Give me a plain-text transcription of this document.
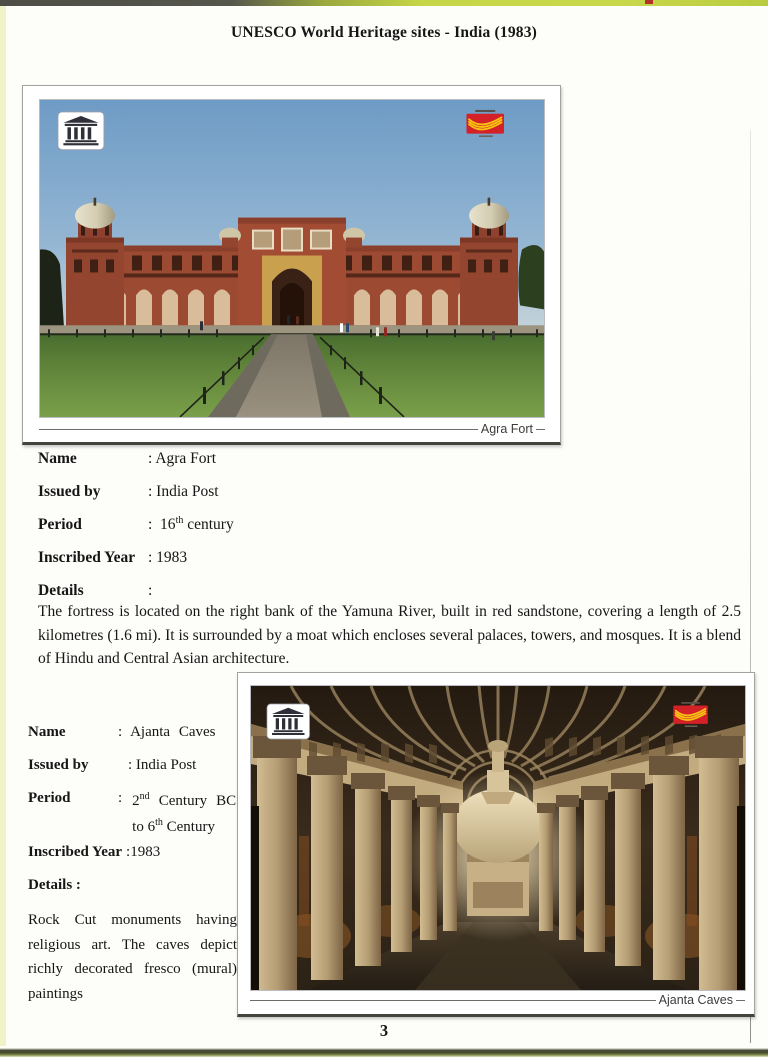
UNESCO World Heritage sites - India (1983)
Agra Fort
Name	: Agra Fort
Issued by	: India Post
Period	:  16th century
Inscribed Year : 1983
Details	:
The fortress is located on the right bank of the Yamuna River, built in red sandstone, covering a length of 2.5 kilometres (1.6 mi). It is surrounded by a moat which encloses several palaces, towers, and mosques. It is a blend of Hindu and Central Asian architecture.
Name	: Ajanta Caves
Issued by	: India Post
Period	: 2nd Century BC to 6th Century
Inscribed Year :1983
Details :
Rock Cut monuments having religious art. The caves depict richly decorated fresco (mural) paintings	Ajanta Caves
3
